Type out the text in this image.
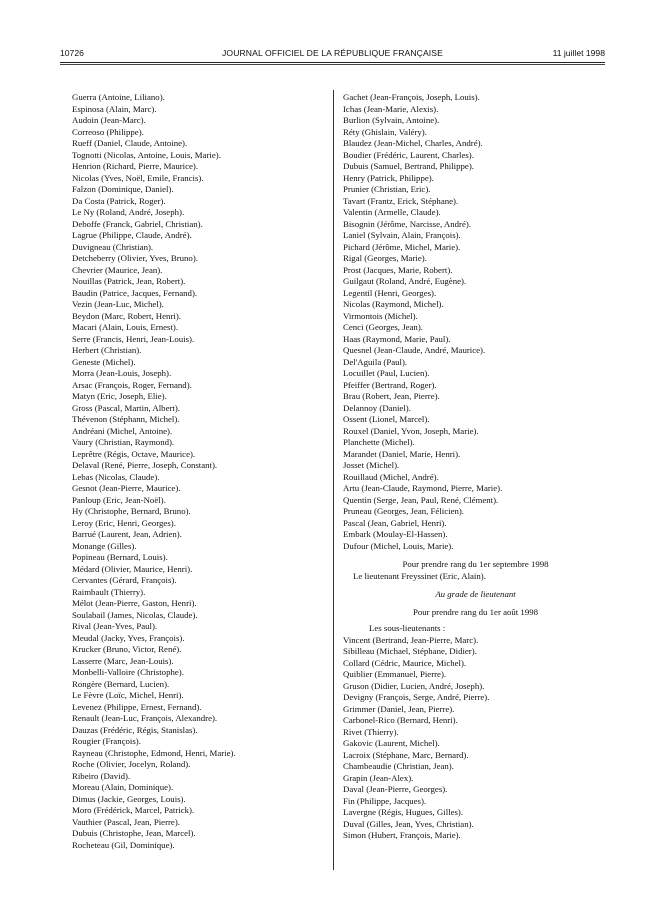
10726	JOURNAL OFFICIEL DE LA RÉPUBLIQUE FRANÇAISE	11 juillet 1998
Guerra (Antoine, Liliano).
Espinosa (Alain, Marc).
Audoin (Jean-Marc).
Correoso (Philippe).
Rueff (Daniel, Claude, Antoine).
Tognotti (Nicolas, Antoine, Louis, Marie).
Henrion (Richard, Pierre, Maurice).
Nicolas (Yves, Noël, Emile, Francis).
Falzon (Dominique, Daniel).
Da Costa (Patrick, Roger).
Le Ny (Roland, André, Joseph).
Deboffe (Franck, Gabriel, Christian).
Lagrue (Philippe, Claude, André).
Duvigneau (Christian).
Detcheberry (Olivier, Yves, Bruno).
Chevrier (Maurice, Jean).
Nouillas (Patrick, Jean, Robert).
Baudin (Patrice, Jacques, Fernand).
Vezin (Jean-Luc, Michel).
Beydon (Marc, Robert, Henri).
Macari (Alain, Louis, Ernest).
Serre (Francis, Henri, Jean-Louis).
Herbert (Christian).
Geneste (Michel).
Morra (Jean-Louis, Joseph).
Arsac (François, Roger, Fernand).
Matyn (Eric, Joseph, Elie).
Gross (Pascal, Martin, Albert).
Thévenon (Stéphann, Michel).
Andréani (Michel, Antoine).
Vaury (Christian, Raymond).
Leprêtre (Régis, Octave, Maurice).
Delaval (René, Pierre, Joseph, Constant).
Lebas (Nicolas, Claude).
Gesnot (Jean-Pierre, Maurice).
Panloup (Eric, Jean-Noël).
Hy (Christophe, Bernard, Bruno).
Leroy (Eric, Henri, Georges).
Barrué (Laurent, Jean, Adrien).
Monange (Gilles).
Popineau (Bernard, Louis).
Médard (Olivier, Maurice, Henri).
Cervantes (Gérard, François).
Raimbault (Thierry).
Mélot (Jean-Pierre, Gaston, Henri).
Soulabail (James, Nicolas, Claude).
Rival (Jean-Yves, Paul).
Meudal (Jacky, Yves, François).
Krucker (Bruno, Victor, René).
Lasserre (Marc, Jean-Louis).
Monbelli-Valloire (Christophe).
Rongère (Bernard, Lucien).
Le Fèvre (Loïc, Michel, Henri).
Levenez (Philippe, Ernest, Fernand).
Renault (Jean-Luc, François, Alexandre).
Dauzas (Frédéric, Régis, Stanislas).
Rougier (François).
Rayneau (Christophe, Edmond, Henri, Marie).
Roche (Olivier, Jocelyn, Roland).
Ribeiro (David).
Moreau (Alain, Dominique).
Dimus (Jackie, Georges, Louis).
Moro (Frédérick, Marcel, Patrick).
Vauthier (Pascal, Jean, Pierre).
Dubuis (Christophe, Jean, Marcel).
Rocheteau (Gil, Dominique).
Gachet (Jean-François, Joseph, Louis).
Ichas (Jean-Marie, Alexis).
Burlion (Sylvain, Antoine).
Réty (Ghislain, Valéry).
Blaudez (Jean-Michel, Charles, André).
Boudier (Frédéric, Laurent, Charles).
Dubuis (Samuel, Bertrand, Philippe).
Henry (Patrick, Philippe).
Prunier (Christian, Eric).
Tavart (Frantz, Erick, Stéphane).
Valentin (Armelle, Claude).
Bisognin (Jérôme, Narcisse, André).
Laniel (Sylvain, Alain, François).
Pichard (Jérôme, Michel, Marie).
Rigal (Georges, Marie).
Prost (Jacques, Marie, Robert).
Guilgaut (Roland, André, Eugène).
Legentil (Henri, Georges).
Nicolas (Raymond, Michel).
Virmontois (Michel).
Cenci (Georges, Jean).
Haas (Raymond, Marie, Paul).
Quesnel (Jean-Claude, André, Maurice).
Del'Aguila (Paul).
Locuillet (Paul, Lucien).
Pfeiffer (Bertrand, Roger).
Brau (Robert, Jean, Pierre).
Delannoy (Daniel).
Ossent (Lionel, Marcel).
Rouxel (Daniel, Yvon, Joseph, Marie).
Planchette (Michel).
Marandet (Daniel, Marie, Henri).
Josset (Michel).
Rouillaud (Michel, André).
Artu (Jean-Claude, Raymond, Pierre, Marie).
Quentin (Serge, Jean, Paul, René, Clément).
Pruneau (Georges, Jean, Félicien).
Pascal (Jean, Gabriel, Henri).
Embark (Moulay-El-Hassen).
Dufour (Michel, Louis, Marie).
Pour prendre rang du 1er septembre 1998
Le lieutenant Freyssinet (Eric, Alain).
Au grade de lieutenant
Pour prendre rang du 1er août 1998
Les sous-lieutenants :
Vincent (Bertrand, Jean-Pierre, Marc).
Sibilleau (Michael, Stéphane, Didier).
Collard (Cédric, Maurice, Michel).
Quiblier (Emmanuel, Pierre).
Gruson (Didier, Lucien, André, Joseph).
Devigny (François, Serge, André, Pierre).
Grimmer (Daniel, Jean, Pierre).
Carbonel-Rico (Bernard, Henri).
Rivet (Thierry).
Gakovic (Laurent, Michel).
Lacroix (Stéphane, Marc, Bernard).
Chambeaudie (Christian, Jean).
Grapin (Jean-Alex).
Daval (Jean-Pierre, Georges).
Fin (Philippe, Jacques).
Lavergne (Régis, Hugues, Gilles).
Duval (Gilles, Jean, Yves, Christian).
Simon (Hubert, François, Marie).
